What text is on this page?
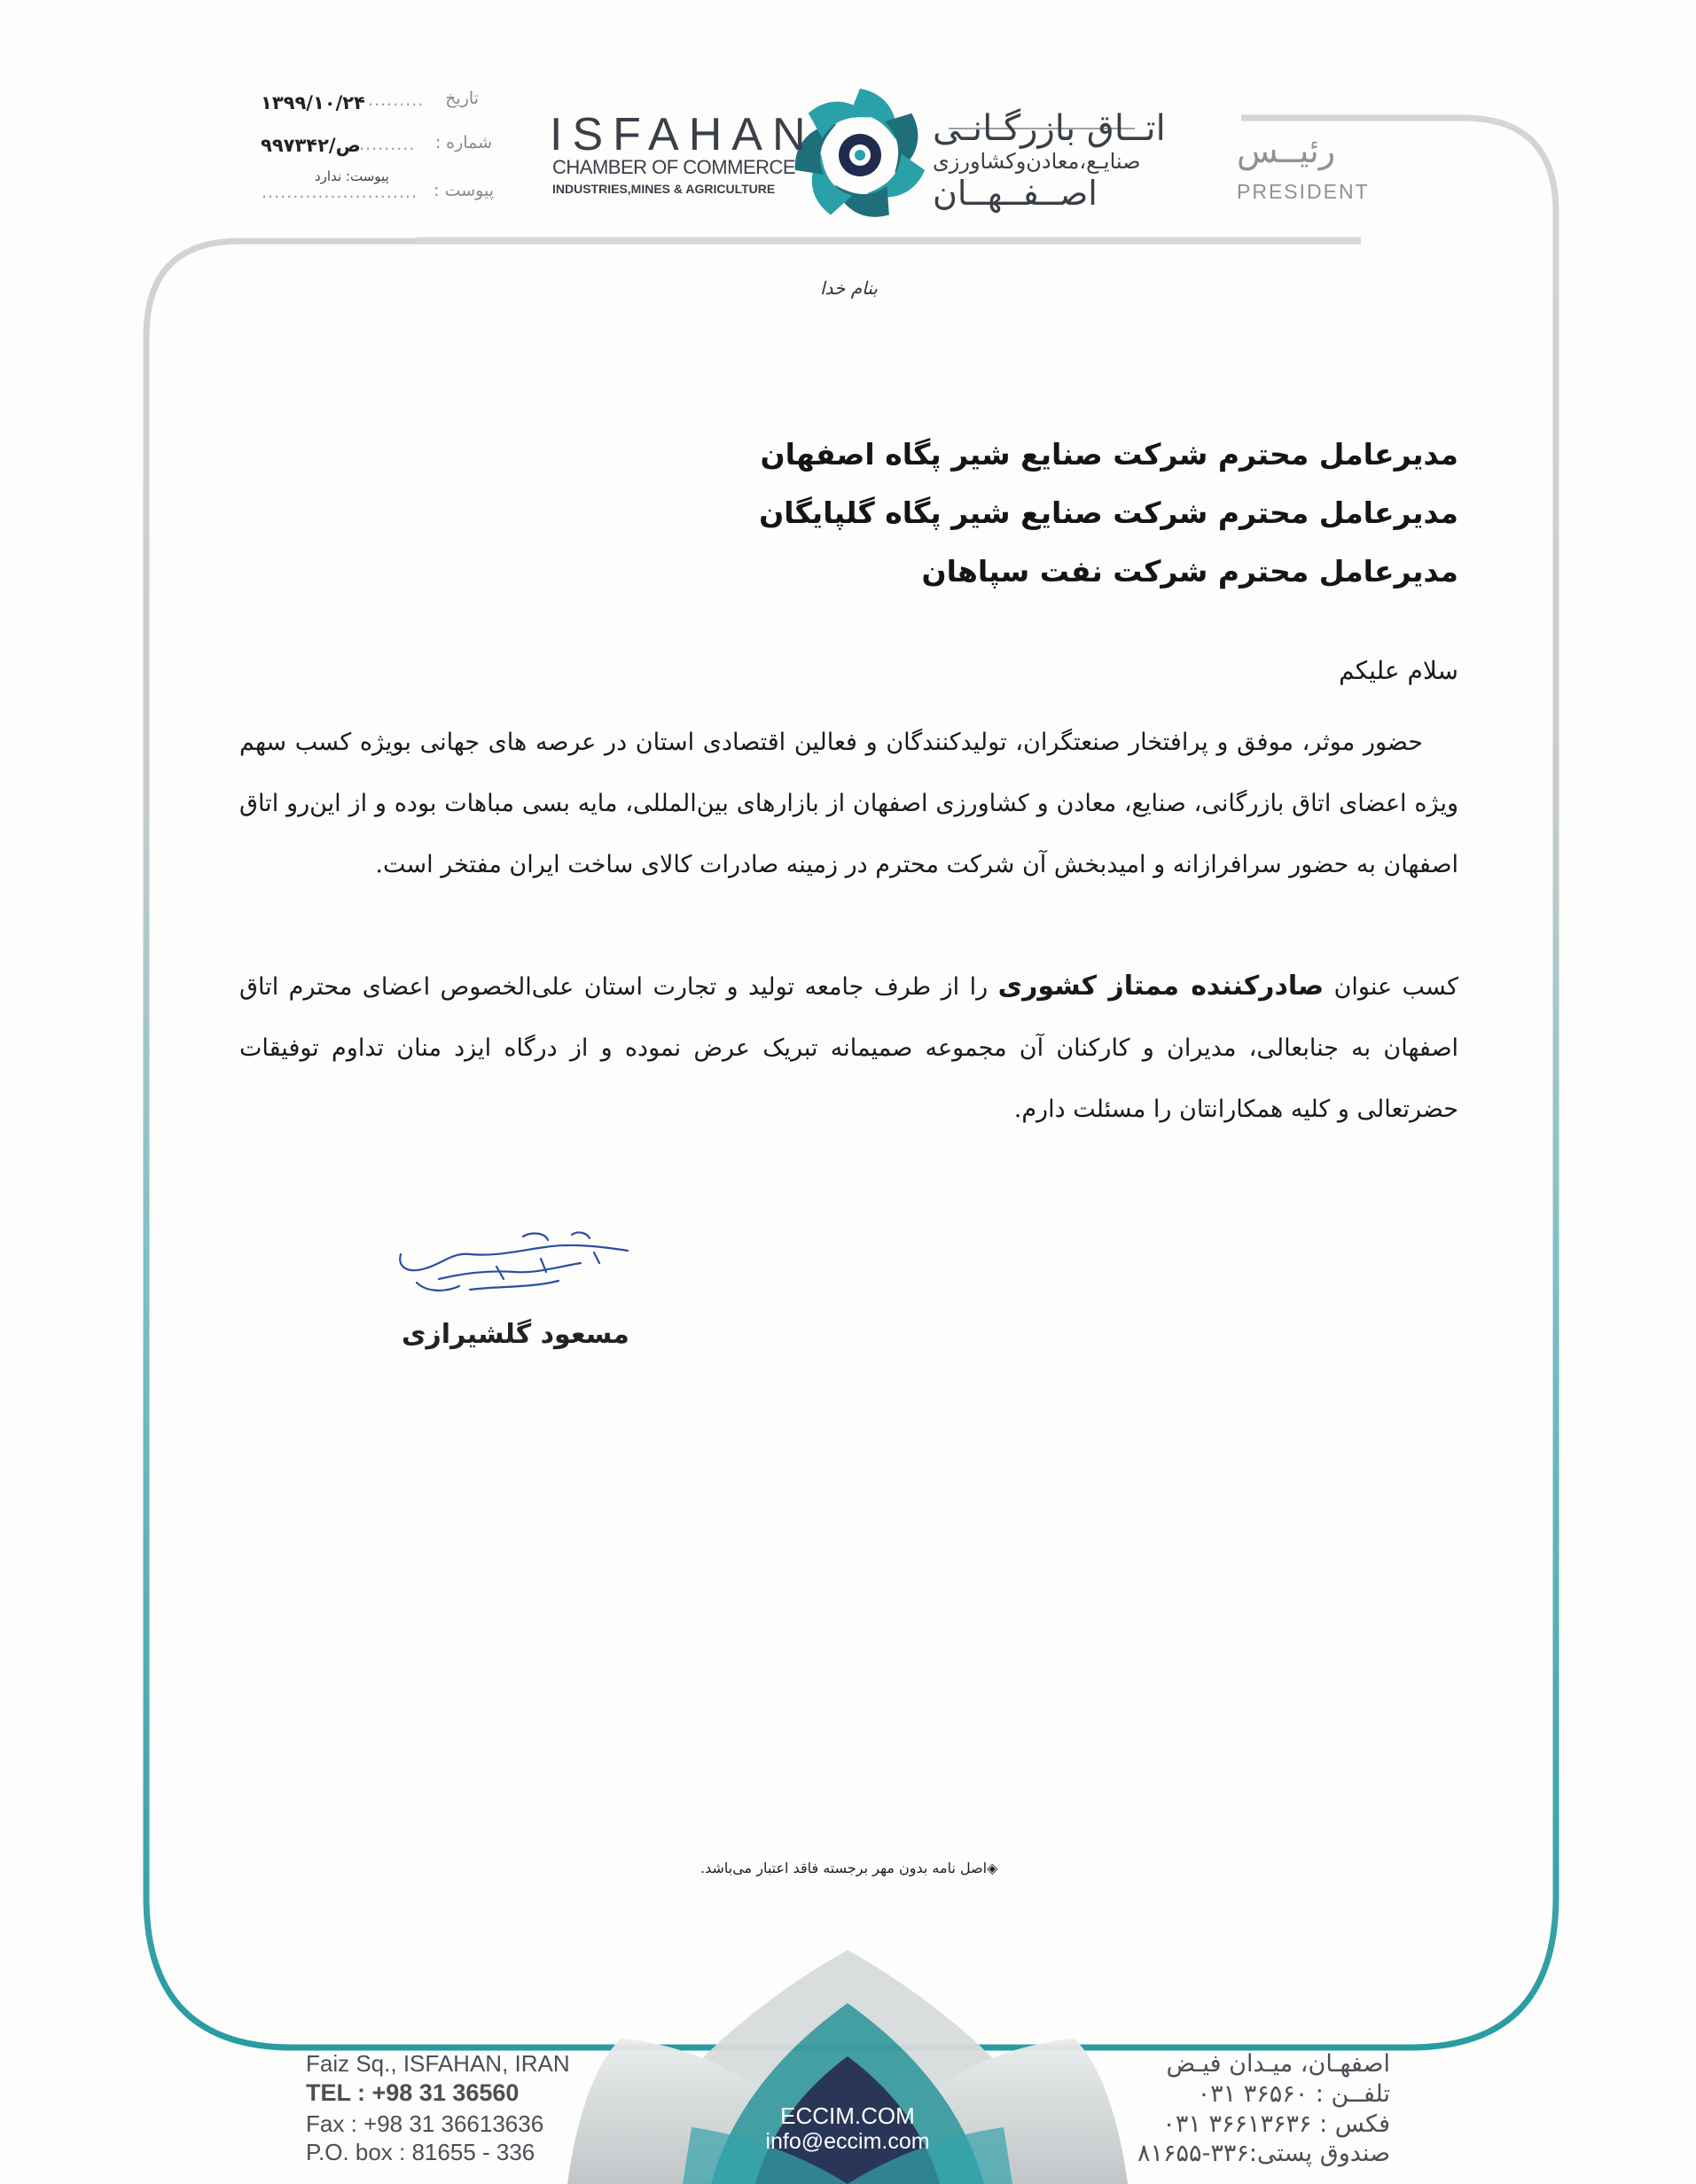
تاریخ
.........
۱۳۹۹/۱۰/۲۴
شماره :
.........
۹۹ص/۷۳۴۲
پیوست: ندارد
پیوست :
.........................
ISFAHAN
CHAMBER OF COMMERCE
INDUSTRIES,MINES & AGRICULTURE
اتــاق بازرگـانـی
صنایـع،معادن‌وکشاورزی
اصــفــهــان
رئیــس
PRESIDENT
بنام خدا
مدیرعامل محترم شرکت صنایع شیر پگاه اصفهان
مدیرعامل محترم شرکت صنایع شیر پگاه گلپایگان
مدیرعامل محترم شرکت نفت سپاهان
سلام علیکم
حضور موثر، موفق و پرافتخار صنعتگران، تولیدکنندگان و فعالین اقتصادی استان در عرصه های جهانی بویژه کسب سهم ویژه اعضای اتاق بازرگانی، صنایع، معادن و کشاورزی اصفهان از بازارهای بین‌المللی، مایه بسی مباهات بوده و از این‌رو اتاق اصفهان به حضور سرافرازانه و امیدبخش آن شرکت محترم در زمینه صادرات کالای ساخت ایران مفتخر است.
کسب عنوان صادرکننده ممتاز کشوری را از طرف جامعه تولید و تجارت استان علی‌الخصوص اعضای محترم اتاق اصفهان به جنابعالی، مدیران و کارکنان آن مجموعه صمیمانه تبریک عرض نموده و از درگاه ایزد منان تداوم توفیقات حضرتعالی و کلیه همکارانتان را مسئلت دارم.
مسعود گلشیرازی
◈اصل نامه بدون مهر برجسته فاقد اعتبار می‌باشد.
Faiz Sq., ISFAHAN, IRAN
TEL : +98 31 36560
Fax : +98 31 36613636
P.O. box : 81655 - 336
ECCIM.COM
info@eccim.com
اصفهـان، میـدان فیـض
تلفــن : ۳۶۵۶۰ ۰۳۱
فکس : ۳۶۶۱۳۶۳۶ ۰۳۱
صندوق پستی:۳۳۶-۸۱۶۵۵
